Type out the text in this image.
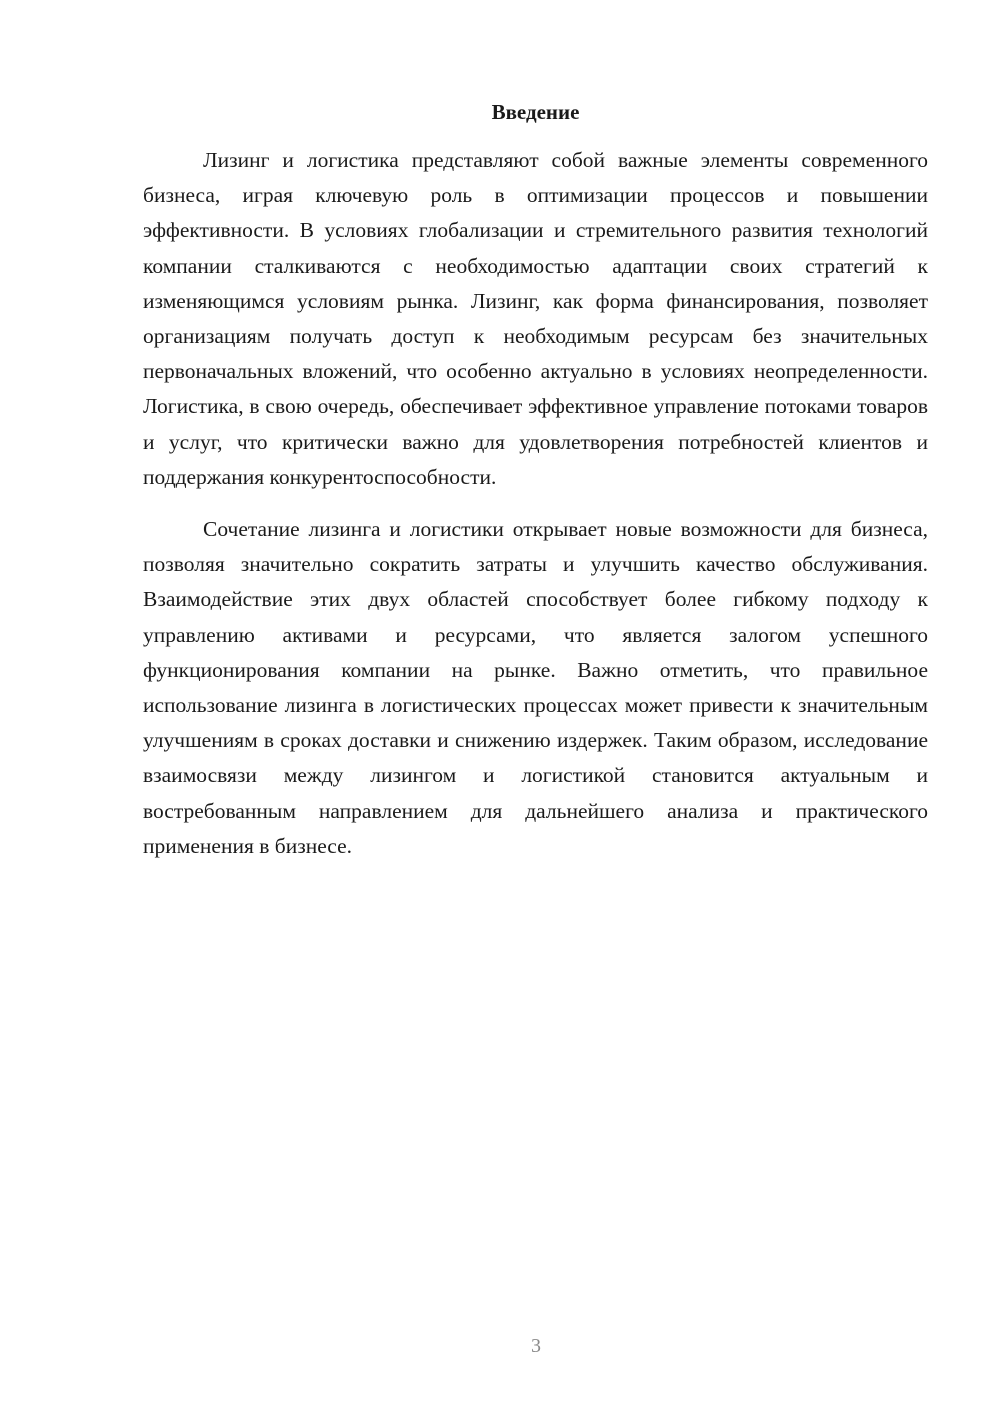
Введение

Лизинг и логистика представляют собой важные элементы современного бизнеса, играя ключевую роль в оптимизации процессов и повышении эффективности. В условиях глобализации и стремительного развития технологий компании сталкиваются с необходимостью адаптации своих стратегий к изменяющимся условиям рынка. Лизинг, как форма финансирования, позволяет организациям получать доступ к необходимым ресурсам без значительных первоначальных вложений, что особенно актуально в условиях неопределенности. Логистика, в свою очередь, обеспечивает эффективное управление потоками товаров и услуг, что критически важно для удовлетворения потребностей клиентов и поддержания конкурентоспособности.

Сочетание лизинга и логистики открывает новые возможности для бизнеса, позволяя значительно сократить затраты и улучшить качество обслуживания. Взаимодействие этих двух областей способствует более гибкому подходу к управлению активами и ресурсами, что является залогом успешного функционирования компании на рынке. Важно отметить, что правильное использование лизинга в логистических процессах может привести к значительным улучшениям в сроках доставки и снижению издержек. Таким образом, исследование взаимосвязи между лизингом и логистикой становится актуальным и востребованным направлением для дальнейшего анализа и практического применения в бизнесе.

3
